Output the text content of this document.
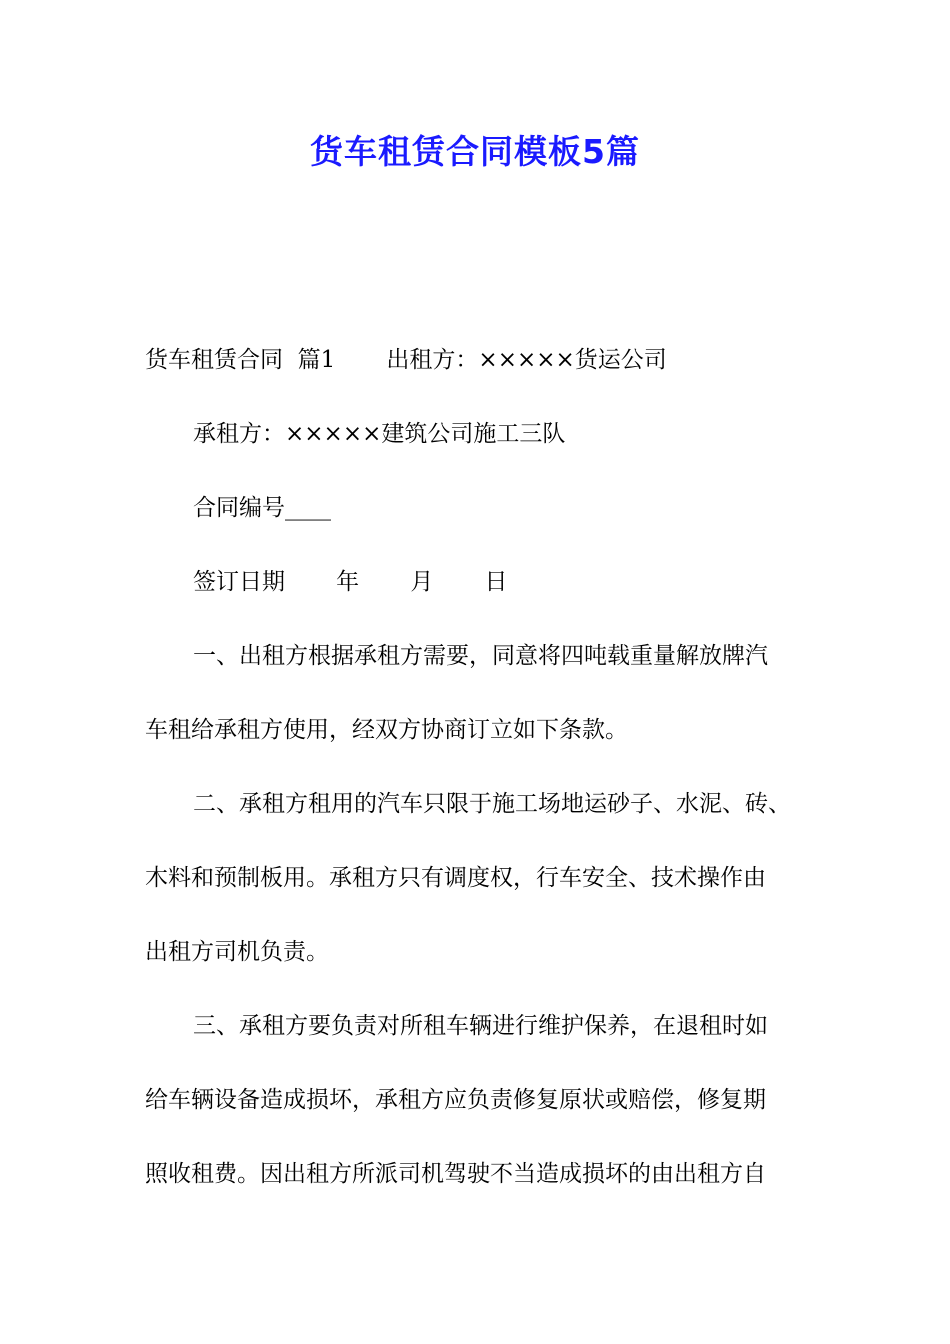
货车租赁合同模板5篇

货车租赁合同  篇1       出租方：×××××货运公司

承租方：×××××建筑公司施工三队

合同编号____

签订日期       年       月       日

一、出租方根据承租方需要，同意将四吨载重量解放牌汽

车租给承租方使用，经双方协商订立如下条款。

二、承租方租用的汽车只限于施工场地运砂子、水泥、砖、

木料和预制板用。承租方只有调度权，行车安全、技术操作由

出租方司机负责。

三、承租方要负责对所租车辆进行维护保养，在退租时如

给车辆设备造成损坏，承租方应负责修复原状或赔偿，修复期

照收租费。因出租方所派司机驾驶不当造成损坏的由出租方自
